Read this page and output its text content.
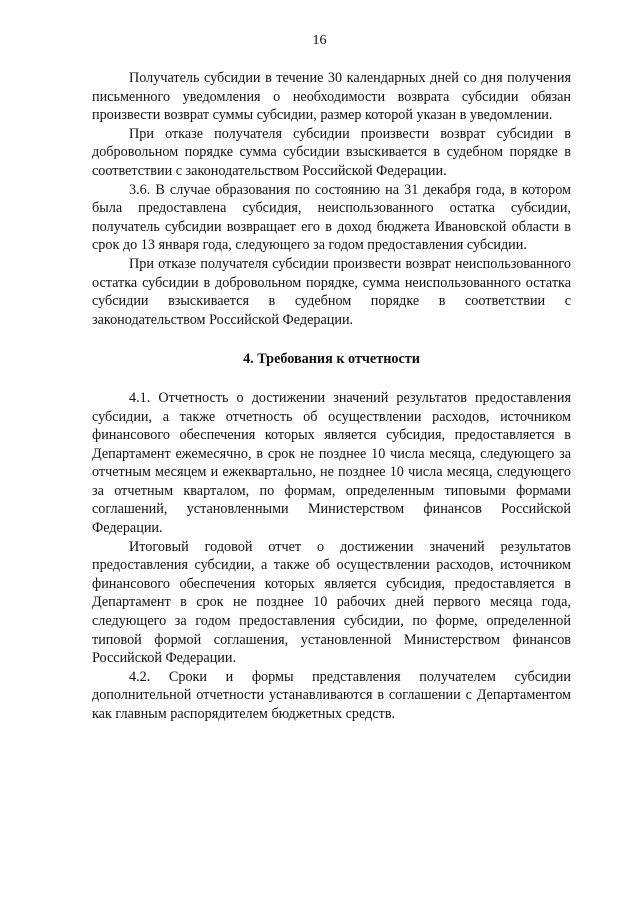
16

Получатель субсидии в течение 30 календарных дней со дня получения письменного уведомления о необходимости возврата субсидии обязан произвести возврат суммы субсидии, размер которой указан в уведомлении.

При отказе получателя субсидии произвести возврат субсидии в добровольном порядке сумма субсидии взыскивается в судебном порядке в соответствии с законодательством Российской Федерации.

3.6. В случае образования по состоянию на 31 декабря года, в котором была предоставлена субсидия, неиспользованного остатка субсидии, получатель субсидии возвращает его в доход бюджета Ивановской области в срок до 13 января года, следующего за годом предоставления субсидии.

При отказе получателя субсидии произвести возврат неиспользованного остатка субсидии в добровольном порядке, сумма неиспользованного остатка субсидии взыскивается в судебном порядке в соответствии с законодательством Российской Федерации.

4. Требования к отчетности

4.1. Отчетность о достижении значений результатов предоставления субсидии, а также отчетность об осуществлении расходов, источником финансового обеспечения которых является субсидия, предоставляется в Департамент ежемесячно, в срок не позднее 10 числа месяца, следующего за отчетным месяцем и ежеквартально, не позднее 10 числа месяца, следующего за отчетным кварталом, по формам, определенным типовыми формами соглашений, установленными Министерством финансов Российской Федерации.

Итоговый годовой отчет о достижении значений результатов предоставления субсидии, а также об осуществлении расходов, источником финансового обеспечения которых является субсидия, предоставляется в Департамент в срок не позднее 10 рабочих дней первого месяца года, следующего за годом предоставления субсидии, по форме, определенной типовой формой соглашения, установленной Министерством финансов Российской Федерации.

4.2. Сроки и формы представления получателем субсидии дополнительной отчетности устанавливаются в соглашении с Департаментом как главным распорядителем бюджетных средств.
